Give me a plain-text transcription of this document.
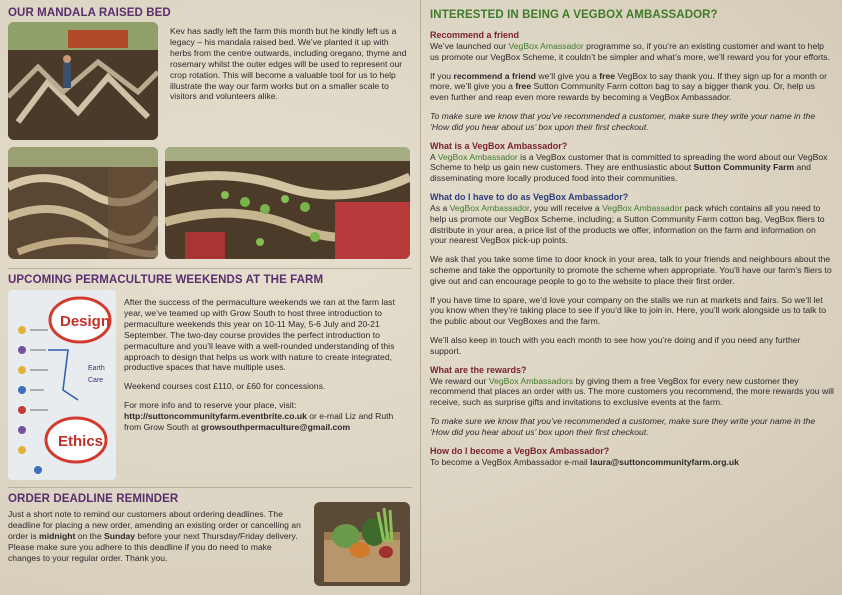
OUR MANDALA RAISED BED
Kev has sadly left the farm this month but he kindly left us a legacy – his mandala raised bed. We’ve planted it up with herbs from the centre outwards, including oregano, thyme and rosemary whilst the outer edges will be used to represent our crop rotation. This will become a valuable tool for us to help illustrate the way our farm works but on a smaller scale to visitors and volunteers alike.
UPCOMING PERMACULTURE WEEKENDS AT THE FARM
Design
Ethics
Earth
Care

After the success of the permaculture weekends we ran at the farm last year, we’ve teamed up with Grow South to host three introduction to permaculture weekends this year on 10-11 May, 5-6 July and 20-21 September. The two-day course provides the perfect introduction to permaculture and you’ll leave with a well-rounded understanding of this approach to design that helps us work with nature to create integrated, productive spaces that have multiple uses.

Weekend courses cost £110, or £60 for concessions.

For more info and to reserve your place, visit:
http://suttoncommunityfarm.eventbrite.co.uk or e-mail Liz and Ruth from Grow South at growsouthpermaculture@gmail.com

ORDER DEADLINE REMINDER
Just a short note to remind our customers about ordering deadlines. The deadline for placing a new order, amending an existing order or cancelling an order is midnight on the Sunday before your next Thursday/Friday delivery. Please make sure you adhere to this deadline if you do need to make changes to your regular order. Thank you.
INTERESTED IN BEING A VEGBOX AMBASSADOR?

Recommend a friend

We’ve launched our VegBox Amassador programme so, if you’re an existing customer and want to help us promote our VegBox Scheme, it couldn’t be simpler and what’s more, we’ll reward you for your efforts.

If you recommend a friend we’ll give you a free VegBox to say thank you. If they sign up for a month or more, we’ll give you a free Sutton Community Farm cotton bag to say a bigger thank you. Or, help us even further and reap even more rewards by becoming a VegBox Ambassador.

To make sure we know that you’ve recommended a customer, make sure they write your name in the ‘How did you hear about us’ box upon their first checkout.

What is a VegBox Ambassador?

A VegBox Ambassador is a VegBox customer that is committed to spreading the word about our VegBox Scheme to help us gain new customers. They are enthusiastic about Sutton Community Farm and disseminating more locally produced food into their communities.

What do I have to do as VegBox Ambassador?

As a VegBox Ambassador, you will receive a VegBox Ambassador pack which contains all you need to help us promote our VegBox Scheme, including; a Sutton Community Farm cotton bag, VegBox fliers to distribute in your area, a price list of the products we offer, information on the farm and information on your nearest VegBox pick-up points.

We ask that you take some time to door knock in your area, talk to your friends and neighbours about the scheme and take the opportunity to promote the scheme when appropriate. You’ll have our farm’s fliers to give out and can encourage people to go to the website to place their first order.

If you have time to spare, we’d love your company on the stalls we run at markets and fairs. So we’ll let you know when they’re taking place to see if you’d like to join in. Here, you’ll work alongside us to talk to the public about our VegBoxes and the farm.

We’ll also keep in touch with you each month to see how you’re doing and if you need any further support.

What are the rewards?

We reward our VegBox Ambassadors by giving them a free VegBox for every new customer they recommend that places an order with us. The more customers you recommend, the more rewards you will receive, such as surprise gifts and invitations to exclusive events at the farm.

To make sure we know that you’ve recommended a customer, make sure they write your name in the ‘How did you hear about us’ box upon their first checkout.

How do I become a VegBox Ambassador?

To become a VegBox Ambassador e-mail laura@suttoncommunityfarm.org.uk
